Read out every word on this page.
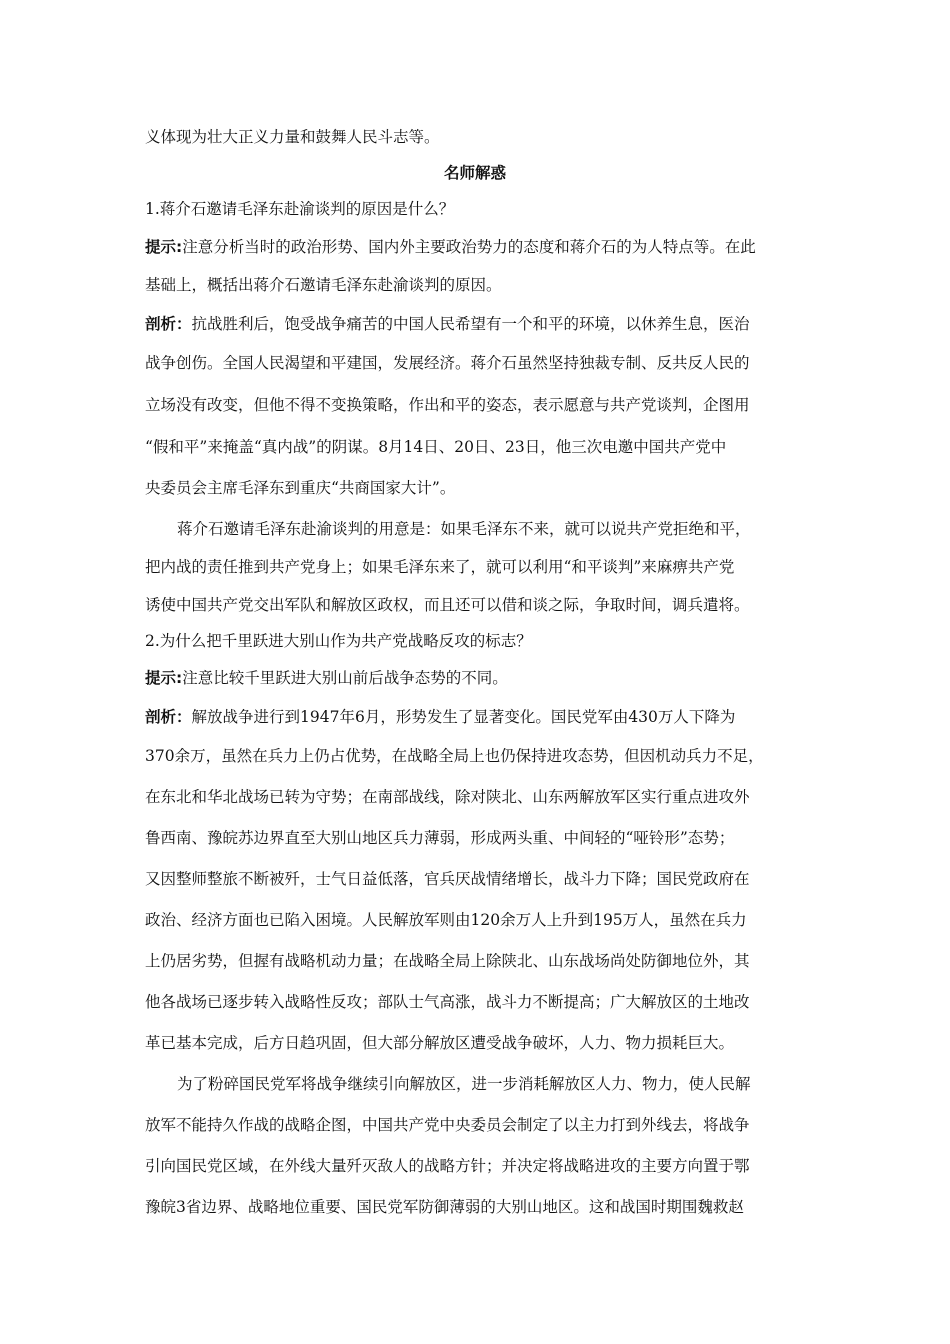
义体现为壮大正义力量和鼓舞人民斗志等。
名师解惑
1.蒋介石邀请毛泽东赴渝谈判的原因是什么？
提示:注意分析当时的政治形势、国内外主要政治势力的态度和蒋介石的为人特点等。在此
基础上，概括出蒋介石邀请毛泽东赴渝谈判的原因。
剖析：抗战胜利后，饱受战争痛苦的中国人民希望有一个和平的环境，以休养生息，医治
战争创伤。全国人民渴望和平建国，发展经济。蒋介石虽然坚持独裁专制、反共反人民的
立场没有改变，但他不得不变换策略，作出和平的姿态，表示愿意与共产党谈判，企图用
“假和平”来掩盖“真内战”的阴谋。8月14日、20日、23日，他三次电邀中国共产党中
央委员会主席毛泽东到重庆“共商国家大计”。
蒋介石邀请毛泽东赴渝谈判的用意是：如果毛泽东不来，就可以说共产党拒绝和平，
把内战的责任推到共产党身上；如果毛泽东来了，就可以利用“和平谈判”来麻痹共产党
诱使中国共产党交出军队和解放区政权，而且还可以借和谈之际，争取时间，调兵遣将。
2.为什么把千里跃进大别山作为共产党战略反攻的标志？
提示:注意比较千里跃进大别山前后战争态势的不同。
剖析：解放战争进行到1947年6月，形势发生了显著变化。国民党军由430万人下降为
370余万，虽然在兵力上仍占优势，在战略全局上也仍保持进攻态势，但因机动兵力不足，
在东北和华北战场已转为守势；在南部战线，除对陕北、山东两解放军区实行重点进攻外
鲁西南、豫皖苏边界直至大别山地区兵力薄弱，形成两头重、中间轻的“哑铃形”态势；
又因整师整旅不断被歼，士气日益低落，官兵厌战情绪增长，战斗力下降；国民党政府在
政治、经济方面也已陷入困境。人民解放军则由120余万人上升到195万人，虽然在兵力
上仍居劣势，但握有战略机动力量；在战略全局上除陕北、山东战场尚处防御地位外，其
他各战场已逐步转入战略性反攻；部队士气高涨，战斗力不断提高；广大解放区的土地改
革已基本完成，后方日趋巩固，但大部分解放区遭受战争破坏，人力、物力损耗巨大。
为了粉碎国民党军将战争继续引向解放区，进一步消耗解放区人力、物力，使人民解
放军不能持久作战的战略企图，中国共产党中央委员会制定了以主力打到外线去，将战争
引向国民党区域，在外线大量歼灭敌人的战略方针；并决定将战略进攻的主要方向置于鄂
豫皖3省边界、战略地位重要、国民党军防御薄弱的大别山地区。这和战国时期围魏救赵
